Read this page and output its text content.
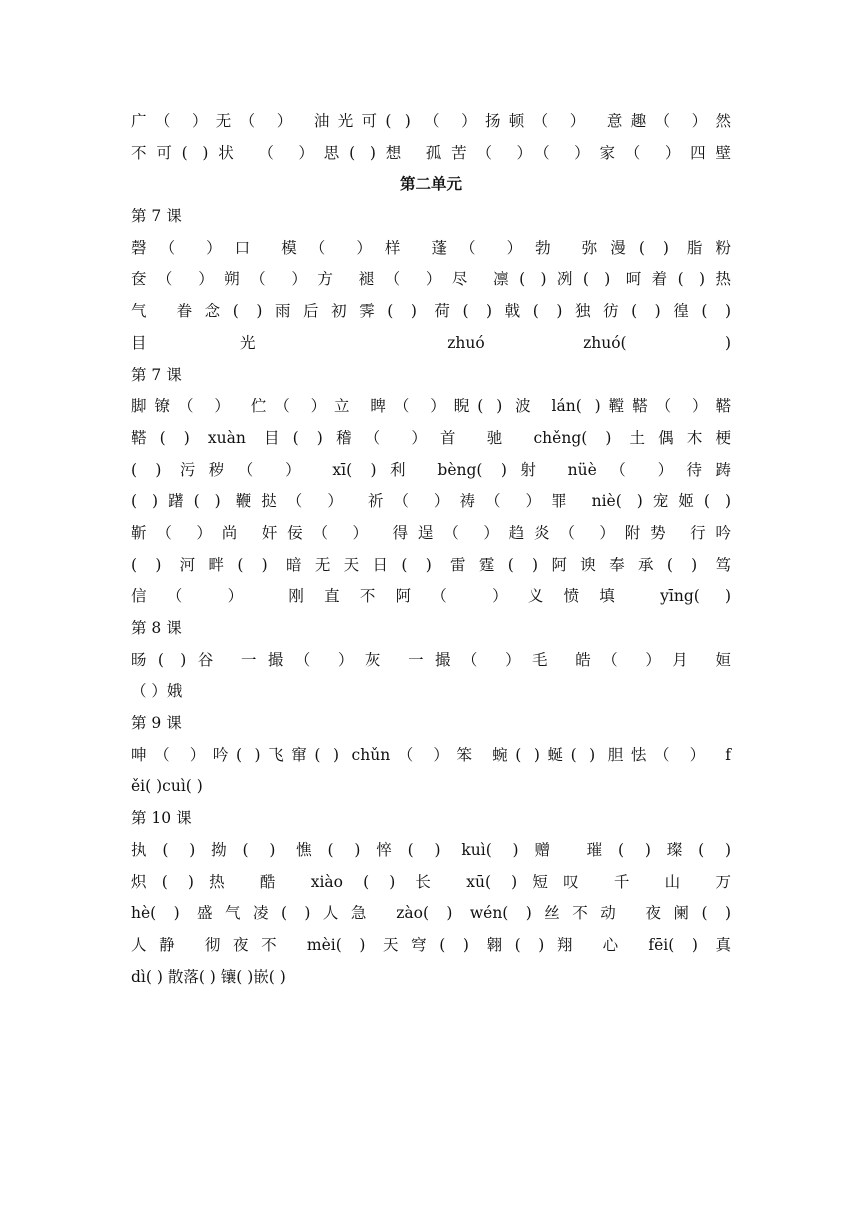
广（ ）无（ ） 油光可( ) （ ）扬顿（ ） 意趣（ ）然
不可( )状 （ ）思( )想 孤苦（ ）（ ）家（ ）四壁
第二单元
第 7 课
磬（ ）口 模（ ）样 蓬（ ）勃 弥漫( ) 脂粉
奁（ ）朔（ ）方 褪（ ）尽 凛( )冽( ) 呵着( )热
气 眷念( )雨后初霁( ) 荷( )戟( )独彷( )徨( )
目光 zhuó zhuó( )
第 7 课
脚镣（ ） 伫（ ）立 睥（ ）睨( ) 波 lán( )鞺鞳（ ）鞳
鞳( ) xuàn 目( )稽（ ）首 驰 chěng( ) 土偶木梗
( ) 污秽（ ） xī( )利 bèng( )射 nüè（ ）待踌
( )躇( ) 鞭挞（ ） 祈（ ）祷（ ）罪 niè( )宠姬( )
靳（ ）尚 奸佞（ ） 得逞（ ）趋炎（ ）附势 行吟
( ) 河畔( ) 暗无天日( ) 雷霆( )阿谀奉承( ) 笃
信（ ） 刚直不阿（ ）义愤填 yīng( )
第 8 课
旸( )谷 一撮（ ）灰 一撮（ ）毛 皓（ ）月 姮
（ ）娥
第 9 课
呻（ ）吟( )飞窜( ) chǔn（ ）笨 蜿( )蜒( ) 胆怯（ ） f
ěi( )cuì( )
第 10 课
执( )拗( ) 憔( )悴( ) kuì( )赠 璀( )璨( )
炽( )热 酷 xiào ( ) 长 xū( )短叹 千 山 万
hè( ) 盛气凌( )人急 zào( ) wén( )丝不动 夜阑( )
人静 彻夜不 mèi( ) 天穹( ) 翱( )翔 心 fēi( ) 真
dì( ) 散落( ) 镶( )嵌( )
